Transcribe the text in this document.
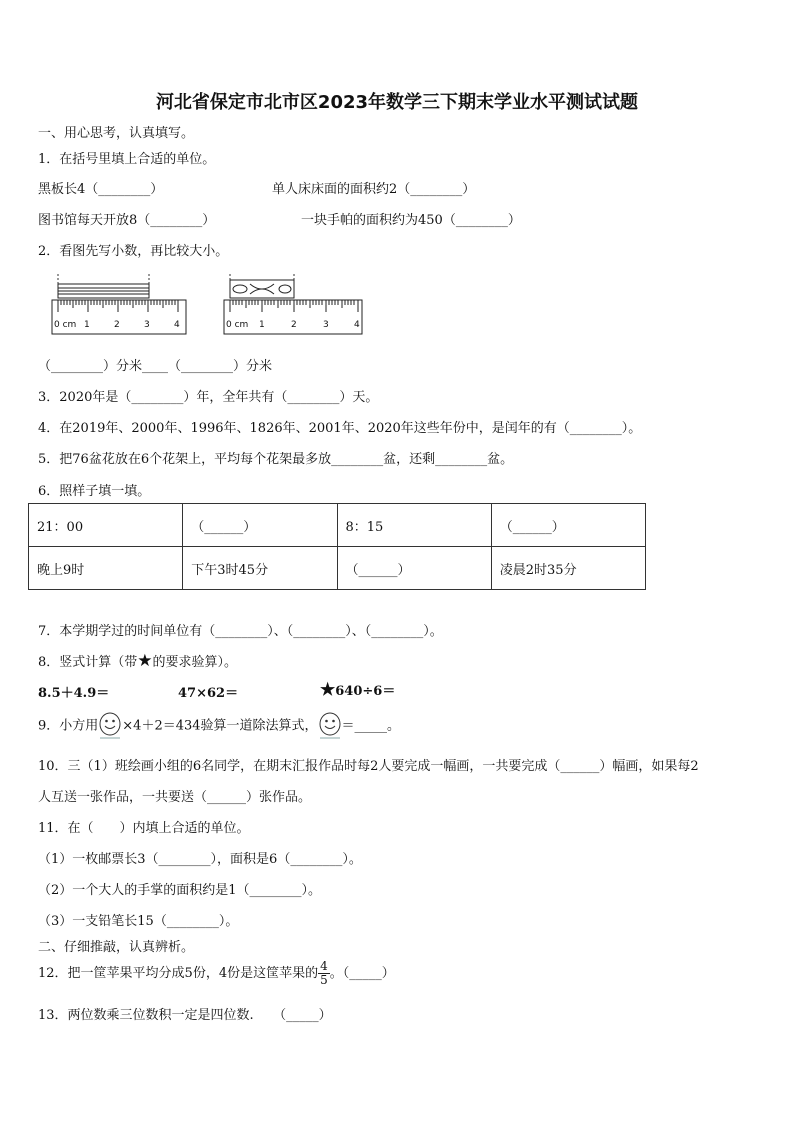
河北省保定市北市区2023年数学三下期末学业水平测试试题
一、用心思考，认真填写。
1．在括号里填上合适的单位。
黑板长4（________）	单人床床面的面积约2（________）
图书馆每天开放8（________）	一块手帕的面积约为450（________）
2．看图先写小数，再比较大小。
0 cm 1	2	3	4	0 cm 1	2	3	4
（________）分米____（________）分米
3．2020年是（________）年，全年共有（________）天。
4．在2019年、2000年、1996年、1826年、2001年、2020年这些年份中，是闰年的有（________）。
5．把76盆花放在6个花架上，平均每个花架最多放________盆，还剩________盆。
6．照样子填一填。
21：00	（______）	8：15	（______）
晚上9时	下午3时45分	（______）	凌晨2时35分
7．本学期学过的时间单位有（________）、（________）、（________）。
8．竖式计算（带★的要求验算）。
8.5＋4.9＝	47×62＝	★640÷6＝
9．小方用 ×4＋2＝434验算一道除法算式， ＝_____。
10．三（1）班绘画小组的6名同学，在期末汇报作品时每2人要完成一幅画，一共要完成（______）幅画，如果每2
人互送一张作品，一共要送（______）张作品。
11．在（　　）内填上合适的单位。
（1）一枚邮票长3（________），面积是6（________）。
（2）一个大人的手掌的面积约是1（________）。
（3）一支铅笔长15（________）。
二、仔细推敲，认真辨析。
12．把一筐苹果平均分成5份，4份是这筐苹果的 $\frac{4}{5}$ 。（_____）
13．两位数乘三位数积一定是四位数.　　（_____）
